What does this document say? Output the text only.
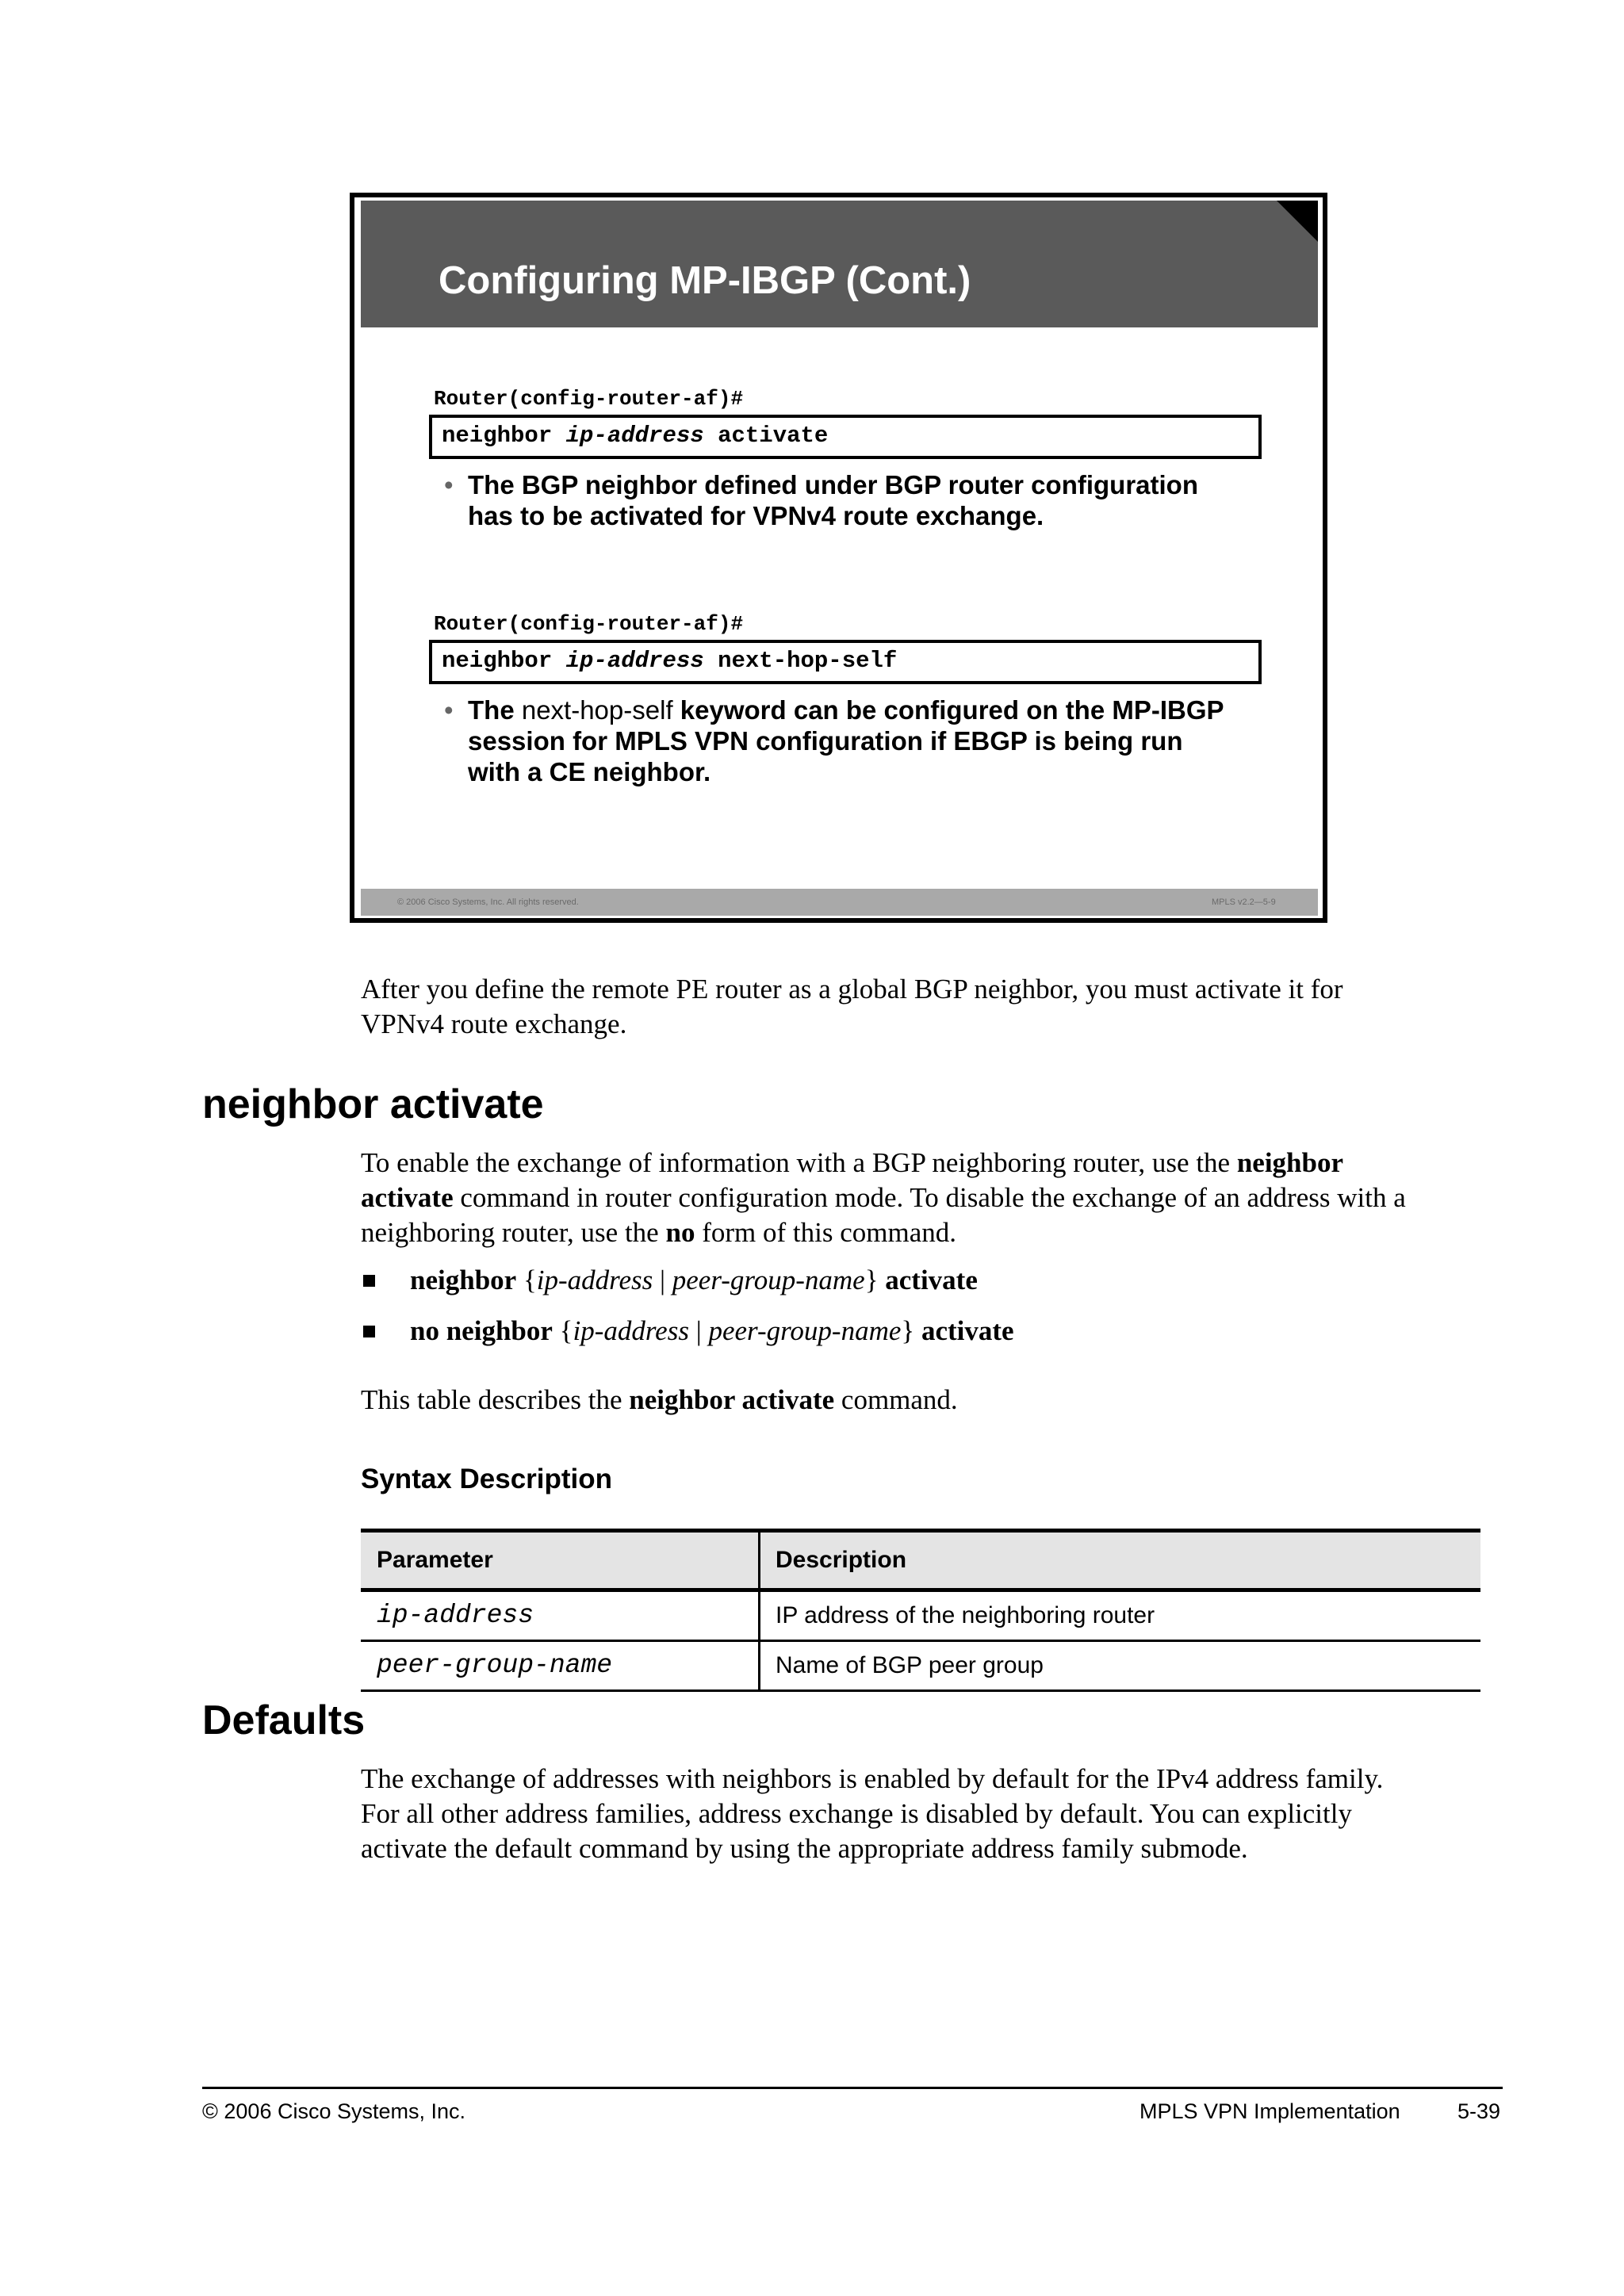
Configuring MP-IBGP (Cont.)
Router(config-router-af)#
neighbor ip-address activate
• The BGP neighbor defined under BGP router configuration
has to be activated for VPNv4 route exchange.
Router(config-router-af)#
neighbor ip-address next-hop-self
• The next-hop-self keyword can be configured on the MP-IBGP
session for MPLS VPN configuration if EBGP is being run
with a CE neighbor.
© 2006 Cisco Systems, Inc. All rights reserved.	MPLS v2.2—5-9
After you define the remote PE router as a global BGP neighbor, you must activate it for
VPNv4 route exchange.
neighbor activate
To enable the exchange of information with a BGP neighboring router, use the neighbor
activate command in router configuration mode. To disable the exchange of an address with a
neighboring router, use the no form of this command.
neighbor {ip-address | peer-group-name} activate
no neighbor {ip-address | peer-group-name} activate
This table describes the neighbor activate command.
Syntax Description
Parameter	Description
ip-address	IP address of the neighboring router
peer-group-name	Name of BGP peer group
Defaults
The exchange of addresses with neighbors is enabled by default for the IPv4 address family.
For all other address families, address exchange is disabled by default. You can explicitly
activate the default command by using the appropriate address family submode.
© 2006 Cisco Systems, Inc.	MPLS VPN Implementation	5-39
